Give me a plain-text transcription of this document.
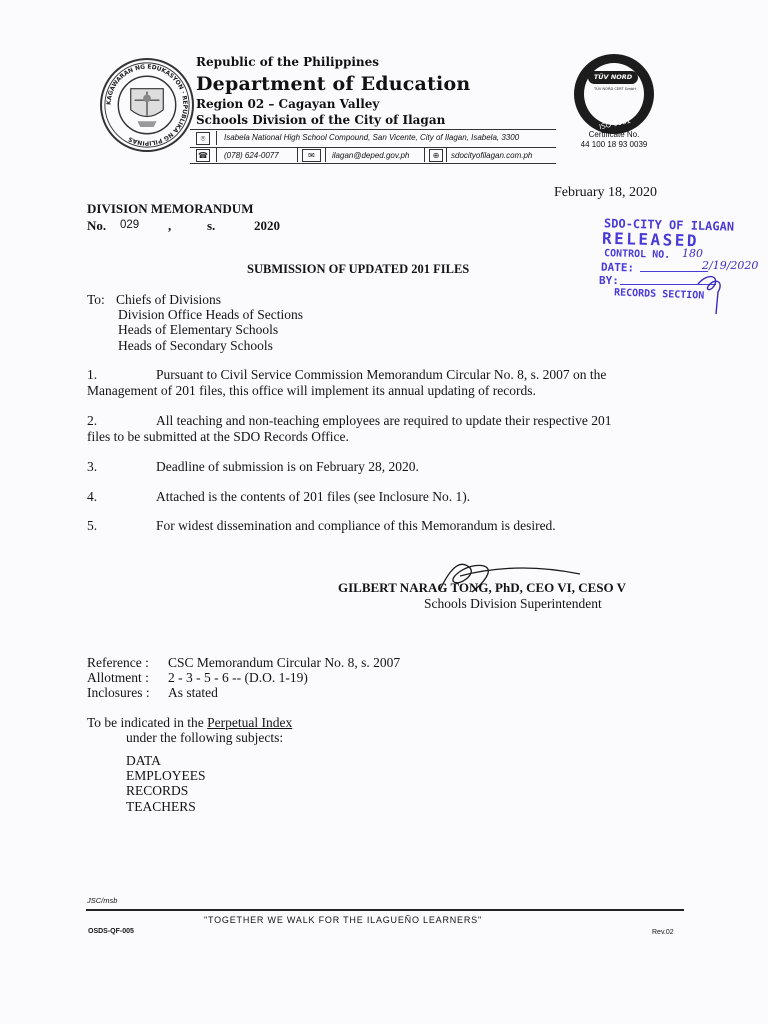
KAGAWARAN NG EDUKASYON · REPUBLIKA NG PILIPINAS
Republic of the Philippines
Department of Education
Region 02 – Cagayan Valley
Schools Division of the City of Ilagan
⌾	Isabela National High School Compound, San Vicente, City of Ilagan, Isabela, 3300
☎ (078) 624-0077	✉	ilagan@deped.gov.ph	⊕	sdocityofilagan.com.ph
TÜV NORD
TÜV NORD CERT GmbH
ISO 9001
Certificate No.
44 100 18 93 0039
February 18, 2020
DIVISION MEMORANDUM
No. 029 ,	s.	2020	SDO-CITY OF ILAGAN
RELEASED
CONTROL NO. 180
DATE:	2/19/2020
BY:
RECORDS SECTION
SUBMISSION OF UPDATED 201 FILES
To: Chiefs of Divisions
Division Office Heads of Sections
Heads of Elementary Schools
Heads of Secondary Schools
1.	Pursuant to Civil Service Commission Memorandum Circular No. 8, s. 2007 on the
Management of 201 files, this office will implement its annual updating of records.
2.	All teaching and non-teaching employees are required to update their respective 201
files to be submitted at the SDO Records Office.
3.	Deadline of submission is on February 28, 2020.
4.	Attached is the contents of 201 files (see Inclosure No. 1).
5.	For widest dissemination and compliance of this Memorandum is desired.
GILBERT NARAG TONG, PhD, CEO VI, CESO V
Schools Division Superintendent
Reference : CSC Memorandum Circular No. 8, s. 2007
Allotment : 2 - 3 - 5 - 6 -- (D.O. 1-19)
Inclosures : As stated
To be indicated in the Perpetual Index
under the following subjects:
DATA
EMPLOYEES
RECORDS
TEACHERS
JSC/msb
"TOGETHER WE WALK FOR THE ILAGUEÑO LEARNERS"
OSDS-QF-005	Rev.02
